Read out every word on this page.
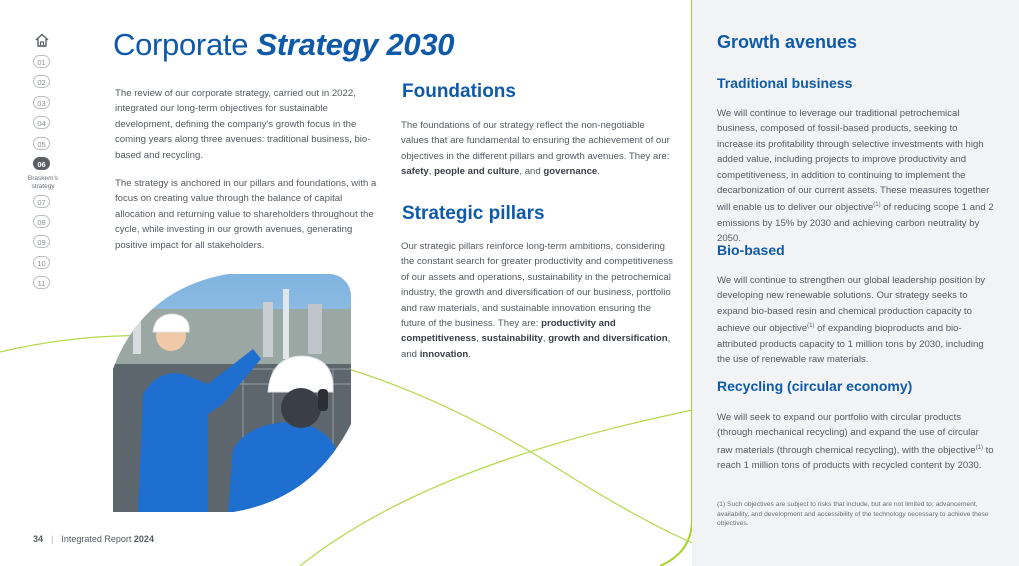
01
02
03
04
05
06
Braskem's strategy
07
08
09
10
11
Corporate Strategy 2030
The review of our corporate strategy, carried out in 2022, integrated our long-term objectives for sustainable development, defining the company's growth focus in the coming years along three avenues: traditional business, bio-based and recycling.
The strategy is anchored in our pillars and foundations, with a focus on creating value through the balance of capital allocation and returning value to shareholders throughout the cycle, while investing in our growth avenues, generating positive impact for all stakeholders.
Foundations
The foundations of our strategy reflect the non-negotiable values that are fundamental to ensuring the achievement of our objectives in the different pillars and growth avenues. They are: safety, people and culture, and governance.
Strategic pillars
Our strategic pillars reinforce long-term ambitions, considering the constant search for greater productivity and competitiveness of our assets and operations, sustainability in the petrochemical industry, the growth and diversification of our business, portfolio and raw materials, and sustainable innovation ensuring the future of the business. They are: productivity and competitiveness, sustainability, growth and diversification, and innovation.
Growth avenues
Traditional business
We will continue to leverage our traditional petrochemical business, composed of fossil-based products, seeking to increase its profitability through selective investments with high added value, including projects to improve productivity and competitiveness, in addition to continuing to implement the decarbonization of our current assets. These measures together will enable us to deliver our objective$^{(1)}$ of reducing scope 1 and 2 emissions by 15% by 2030 and achieving carbon neutrality by 2050.
Bio-based
We will continue to strengthen our global leadership position by developing new renewable solutions. Our strategy seeks to expand bio-based resin and chemical production capacity to achieve our objective$^{(1)}$ of expanding bioproducts and bio-attributed products capacity to 1 million tons by 2030, including the use of renewable raw materials.
Recycling (circular economy)
We will seek to expand our portfolio with circular products (through mechanical recycling) and expand the use of circular raw materials (through chemical recycling), with the objective$^{(1)}$ to reach 1 million tons of products with recycled content by 2030.
(1) Such objectives are subject to risks that include, but are not limited to: advancement, availability, and development and accessibility of the technology necessary to achieve these objectives.
34 | Integrated Report 2024
